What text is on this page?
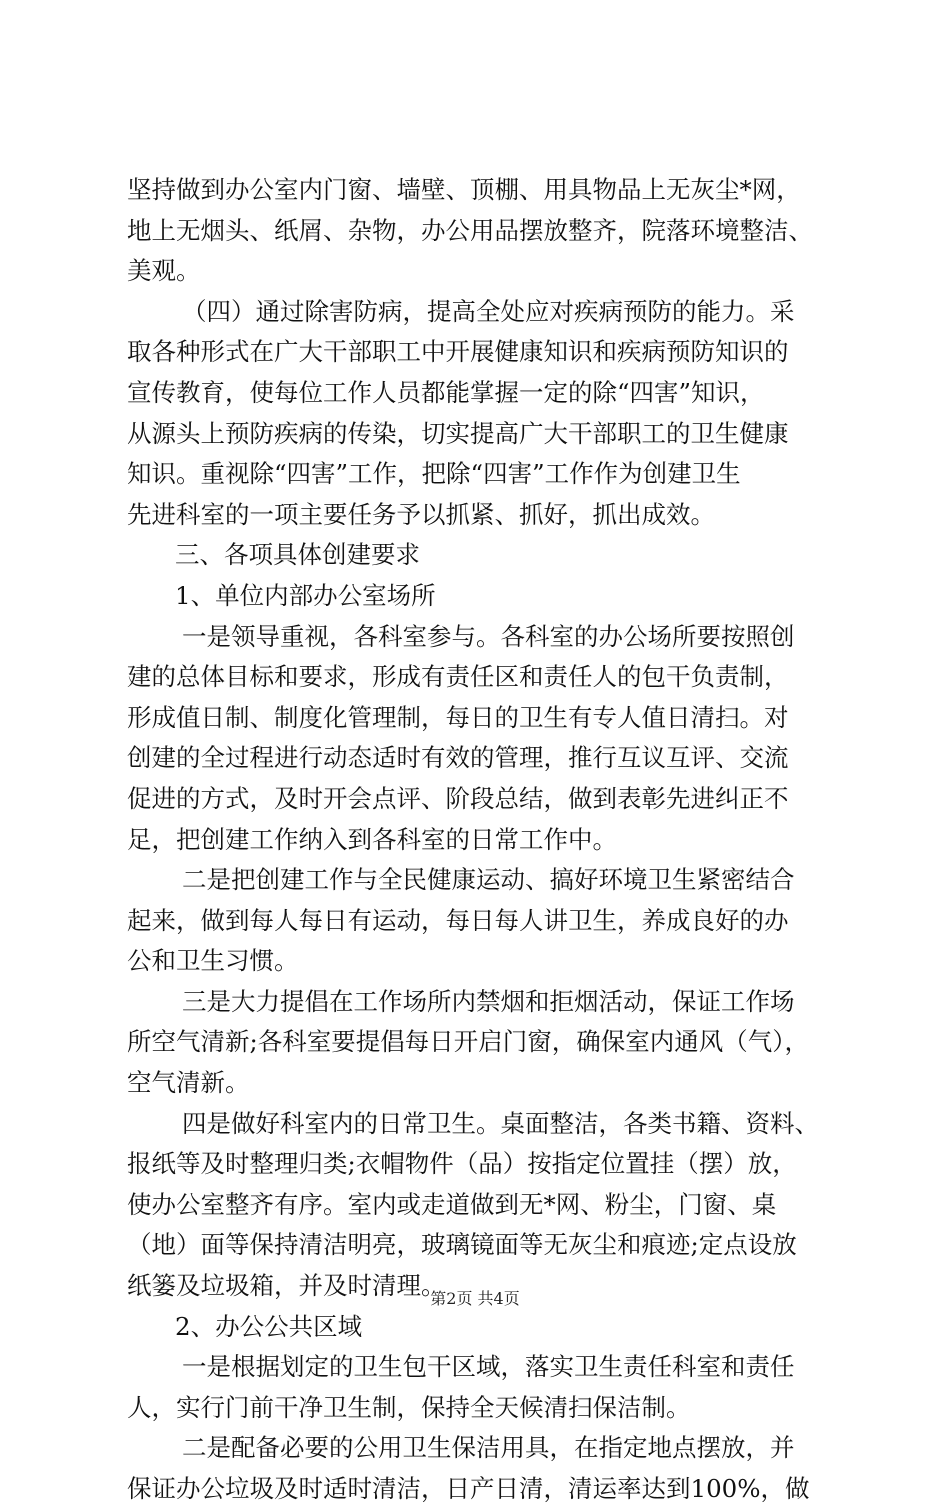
坚持做到办公室内门窗、墙壁、顶棚、用具物品上无灰尘*网，
地上无烟头、纸屑、杂物，办公用品摆放整齐，院落环境整洁、
美观。
（四）通过除害防病，提高全处应对疾病预防的能力。采
取各种形式在广大干部职工中开展健康知识和疾病预防知识的
宣传教育，使每位工作人员都能掌握一定的除“四害”知识，
从源头上预防疾病的传染，切实提高广大干部职工的卫生健康
知识。重视除“四害”工作，把除“四害”工作作为创建卫生
先进科室的一项主要任务予以抓紧、抓好，抓出成效。
三、各项具体创建要求
1、单位内部办公室场所
一是领导重视，各科室参与。各科室的办公场所要按照创
建的总体目标和要求，形成有责任区和责任人的包干负责制，
形成值日制、制度化管理制，每日的卫生有专人值日清扫。对
创建的全过程进行动态适时有效的管理，推行互议互评、交流
促进的方式，及时开会点评、阶段总结，做到表彰先进纠正不
足，把创建工作纳入到各科室的日常工作中。
二是把创建工作与全民健康运动、搞好环境卫生紧密结合
起来，做到每人每日有运动，每日每人讲卫生，养成良好的办
公和卫生习惯。
三是大力提倡在工作场所内禁烟和拒烟活动，保证工作场
所空气清新;各科室要提倡每日开启门窗，确保室内通风（气），
空气清新。
四是做好科室内的日常卫生。桌面整洁，各类书籍、资料、
报纸等及时整理归类;衣帽物件（品）按指定位置挂（摆）放，
使办公室整齐有序。室内或走道做到无*网、粉尘，门窗、桌
（地）面等保持清洁明亮，玻璃镜面等无灰尘和痕迹;定点设放
纸篓及垃圾箱，并及时清理。
2、办公公共区域
一是根据划定的卫生包干区域，落实卫生责任科室和责任
人，实行门前干净卫生制，保持全天候清扫保洁制。
二是配备必要的公用卫生保洁用具，在指定地点摆放，并
保证办公垃圾及时适时清洁，日产日清，清运率达到100%，做
第2页 共4页
